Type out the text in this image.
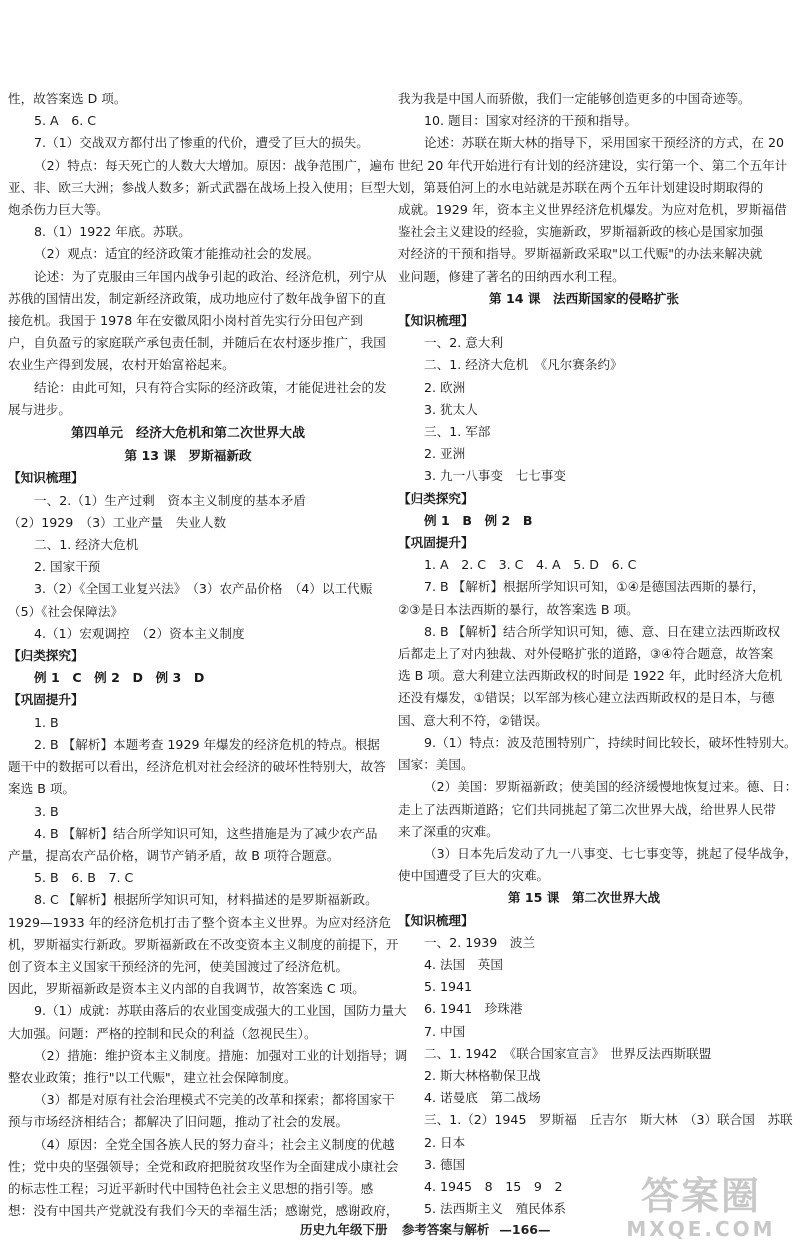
性，故答案选 D 项。

5. A　6. C

7.（1）交战双方都付出了惨重的代价，遭受了巨大的损失。

（2）特点：每天死亡的人数大大增加。原因：战争范围广，遍布

亚、非、欧三大洲；参战人数多；新式武器在战场上投入使用；巨型大

炮杀伤力巨大等。

8.（1）1922 年底。苏联。

（2）观点：适宜的经济政策才能推动社会的发展。

论述：为了克服由三年国内战争引起的政治、经济危机，列宁从

苏俄的国情出发，制定新经济政策，成功地应付了数年战争留下的直

接危机。我国于 1978 年在安徽凤阳小岗村首先实行分田包产到

户，自负盈亏的家庭联产承包责任制，并随后在农村逐步推广，我国

农业生产得到发展，农村开始富裕起来。

结论：由此可知，只有符合实际的经济政策，才能促进社会的发

展与进步。

第四单元　经济大危机和第二次世界大战

第 13 课　罗斯福新政

【知识梳理】

一、2.（1）生产过剩　资本主义制度的基本矛盾

（2）1929　（3）工业产量　失业人数

二、1. 经济大危机

2. 国家干预

3.（2）《全国工业复兴法》　（3）农产品价格　（4）以工代赈

（5）《社会保障法》

4.（1）宏观调控　（2）资本主义制度

【归类探究】

例 1　C　例 2　D　例 3　D

【巩固提升】

1. B

2. B 【解析】本题考查 1929 年爆发的经济危机的特点。根据

题干中的数据可以看出，经济危机对社会经济的破坏性特别大，故答

案选 B 项。

3. B

4. B 【解析】结合所学知识可知，这些措施是为了减少农产品

产量，提高农产品价格，调节产销矛盾，故 B 项符合题意。

5. B　6. B　7. C

8. C 【解析】根据所学知识可知，材料描述的是罗斯福新政。

1929—1933 年的经济危机打击了整个资本主义世界。为应对经济危

机，罗斯福实行新政。罗斯福新政在不改变资本主义制度的前提下，开

创了资本主义国家干预经济的先河，使美国渡过了经济危机。

因此，罗斯福新政是资本主义内部的自我调节，故答案选 C 项。

9.（1）成就：苏联由落后的农业国变成强大的工业国，国防力量大

大加强。问题：严格的控制和民众的利益（忽视民生）。

（2）措施：维护资本主义制度。措施：加强对工业的计划指导；调

整农业政策；推行"以工代赈"，建立社会保障制度。

（3）都是对原有社会治理模式不完美的改革和探索；都将国家干

预与市场经济相结合；都解决了旧问题，推动了社会的发展。

（4）原因：全党全国各族人民的努力奋斗；社会主义制度的优越

性；党中央的坚强领导；全党和政府把脱贫攻坚作为全面建成小康社会

的标志性工程；习近平新时代中国特色社会主义思想的指引等。感

想：没有中国共产党就没有我们今天的幸福生活；感谢党，感谢政府，

我为我是中国人而骄傲，我们一定能够创造更多的中国奇迹等。

10. 题目：国家对经济的干预和指导。

论述：苏联在斯大林的指导下，采用国家干预经济的方式，在 20

世纪 20 年代开始进行有计划的经济建设，实行第一个、第二个五年计

划，第聂伯河上的水电站就是苏联在两个五年计划建设时期取得的

成就。1929 年，资本主义世界经济危机爆发。为应对危机，罗斯福借

鉴社会主义建设的经验，实施新政，罗斯福新政的核心是国家加强

对经济的干预和指导。罗斯福新政采取"以工代赈"的办法来解决就

业问题，修建了著名的田纳西水利工程。

第 14 课　法西斯国家的侵略扩张

【知识梳理】

一、2. 意大利

二、1. 经济大危机　《凡尔赛条约》

2. 欧洲

3. 犹太人

三、1. 军部

2. 亚洲

3. 九一八事变　七七事变

【归类探究】

例 1　B　例 2　B

【巩固提升】

1. A　2. C　3. C　4. A　5. D　6. C

7. B 【解析】根据所学知识可知，①④是德国法西斯的暴行，

②③是日本法西斯的暴行，故答案选 B 项。

8. B 【解析】结合所学知识可知，德、意、日在建立法西斯政权

后都走上了对内独裁、对外侵略扩张的道路，③④符合题意，故答案

选 B 项。意大利建立法西斯政权的时间是 1922 年，此时经济大危机

还没有爆发，①错误；以军部为核心建立法西斯政权的是日本，与德

国、意大利不符，②错误。

9.（1）特点：波及范围特别广，持续时间比较长，破坏性特别大。

国家：美国。

（2）美国：罗斯福新政；使美国的经济缓慢地恢复过来。德、日：

走上了法西斯道路；它们共同挑起了第二次世界大战，给世界人民带

来了深重的灾难。

（3）日本先后发动了九一八事变、七七事变等，挑起了侵华战争，

使中国遭受了巨大的灾难。

第 15 课　第二次世界大战

【知识梳理】

一、2. 1939　波兰

4. 法国　英国

5. 1941

6. 1941　珍珠港

7. 中国

二、1. 1942　《联合国家宣言》　世界反法西斯联盟

2. 斯大林格勒保卫战

4. 诺曼底　第二战场

三、1.（2）1945　罗斯福　丘吉尔　斯大林　（3）联合国　苏联

2. 日本

3. 德国

4. 1945　8　15　9　2

5. 法西斯主义　殖民体系

历史九年级下册 参考答案与解析 —166—
答案圈
MXQE.COM
